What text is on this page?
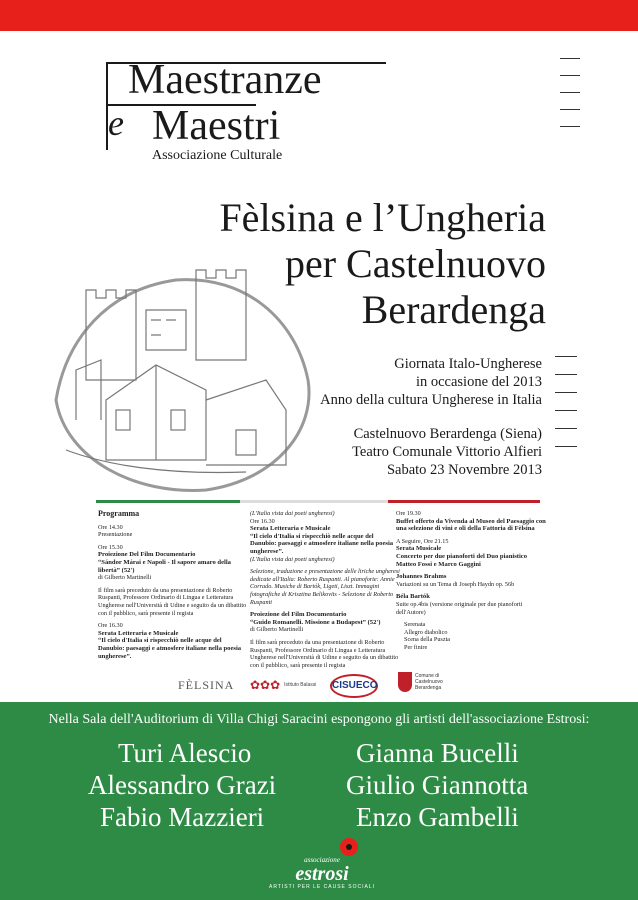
Maestranze
e Maestri
Associazione Culturale
Fèlsina e l’Ungheria
per Castelnuovo
Berardenga
Giornata Italo-Ungherese
in occasione del 2013
Anno della cultura Ungherese in Italia
Castelnuovo Berardenga (Siena)
Teatro Comunale Vittorio Alfieri
Sabato 23 Novembre 2013
Programma

Ore 14.30
Presentazione

Ore 15.30
Proiezione Del Film Documentario
“Sándor Márai e Napoli - Il sapore amaro della libertà” (52')
di Gilberto Martinelli

Il film sarà preceduto da una presentazione di Roberto Ruspanti, Professore Ordinario di Lingua e Letteratura Ungherese nell'Università di Udine e seguito da un dibattito con il pubblico, sarà presente il regista

Ore 16.30
Serata Letteraria e Musicale
“Il cielo d'Italia si rispecchiò nelle acque del Danubio: paesaggi e atmosfere italiane nella poesia ungherese”.

(L'Italia vista dai poeti ungheresi)
Ore 16.30
Serata Letteraria e Musicale
“Il cielo d'Italia si rispecchiò nelle acque del Danubio: paesaggi e atmosfere italiane nella poesia ungherese”.
(L'Italia vista dai poeti ungheresi)

Selezione, traduzione e presentazione delle liriche ungheresi dedicate all'Italia: Roberto Ruspanti. Al pianoforte: Annie Corrado. Musiche di Bartók, Ligeti, Liszt. Immagini fotografiche di Krisztina Belikovits - Selezione di Roberto Ruspanti

Proiezione del Film Documentario
“Guido Romanelli. Missione a Budapest” (52')
di Gilberto Martinelli

Il film sarà preceduto da una presentazione di Roberto Ruspanti, Professore Ordinario di Lingua e Letteratura Ungherese nell'Università di Udine e seguito da un dibattito con il pubblico, sarà presente il regista

Ore 19.30
Buffet offerto da Vivenda al Museo del Paesaggio con una selezione di vini e oli della Fattoria di Fèlsina

A Seguire, Ore 21.15
Serata Musicale
Concerto per due pianoforti del Duo pianistico Matteo Fossi e Marco Gaggini

Johannes Brahms
Variazioni su un Tema di Joseph Haydn op. 56b

Béla Bartók
Suite op.4bis (versione originale per due pianoforti dell'Autore)

Serenata
Allegro diabolico
Scena della Puszta
Per finire

FÈLSINA ✿✿✿ Istituto Balassi CISUECO
Comune di Castelnuovo Berardenga
Nella Sala dell'Auditorium di Villa Chigi Saracini espongono gli artisti dell'associazione Estrosi:
Turi Alescio	Gianna Bucelli
Alessandro Grazi	Giulio Giannotta
Fabio Mazzieri	Enzo Gambelli
associazione
estrosi
ARTISTI PER LE CAUSE SOCIALI
